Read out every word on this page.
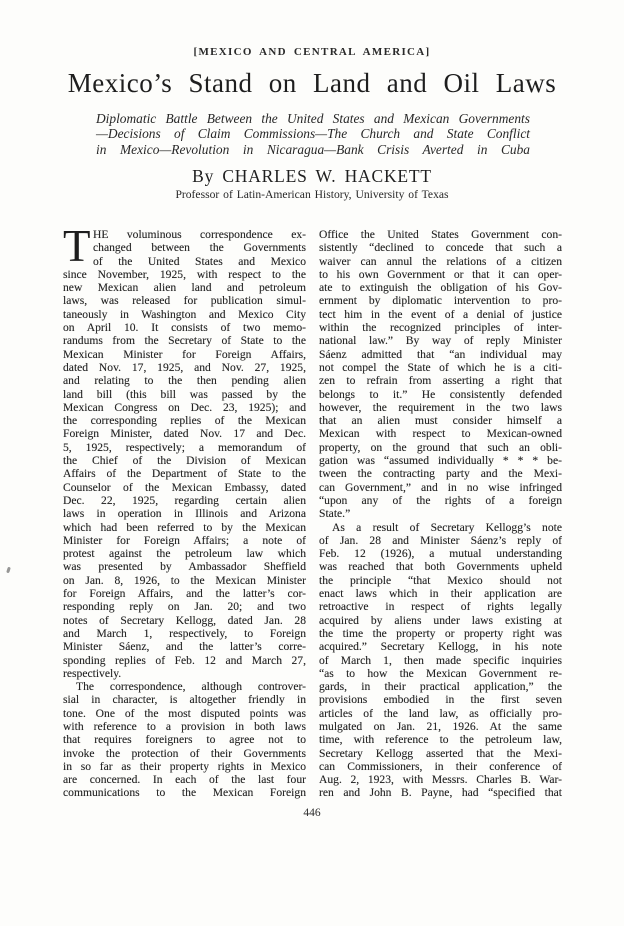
[MEXICO AND CENTRAL AMERICA]
Mexico’s Stand on Land and Oil Laws
Diplomatic Battle Between the United States and Mexican Governments
—Decisions of Claim Commissions—The Church and State Conflict
in Mexico—Revolution in Nicaragua—Bank Crisis Averted in Cuba
By CHARLES W. HACKETT
Professor of Latin-American History, University of Texas
T HE voluminous correspondence ex-
changed between the Governments
of the United States and Mexico
since November, 1925, with respect to the
new Mexican alien land and petroleum
laws, was released for publication simul-
taneously in Washington and Mexico City
on April 10. It consists of two memo-
randums from the Secretary of State to the
Mexican Minister for Foreign Affairs,
dated Nov. 17, 1925, and Nov. 27, 1925,
and relating to the then pending alien
land bill (this bill was passed by the
Mexican Congress on Dec. 23, 1925); and
the corresponding replies of the Mexican
Foreign Minister, dated Nov. 17 and Dec.
5, 1925, respectively; a memorandum of
the Chief of the Division of Mexican
Affairs of the Department of State to the
Counselor of the Mexican Embassy, dated
Dec. 22, 1925, regarding certain alien
laws in operation in Illinois and Arizona
which had been referred to by the Mexican
Minister for Foreign Affairs; a note of
protest against the petroleum law which
was presented by Ambassador Sheffield
on Jan. 8, 1926, to the Mexican Minister
for Foreign Affairs, and the latter’s cor-
responding reply on Jan. 20; and two
notes of Secretary Kellogg, dated Jan. 28
and March 1, respectively, to Foreign
Minister Sáenz, and the latter’s corre-
sponding replies of Feb. 12 and March 27,
respectively.
The correspondence, although controver-
sial in character, is altogether friendly in
tone. One of the most disputed points was
with reference to a provision in both laws
that requires foreigners to agree not to
invoke the protection of their Governments
in so far as their property rights in Mexico
are concerned. In each of the last four
communications to the Mexican Foreign
Office the United States Government con-
sistently “declined to concede that such a
waiver can annul the relations of a citizen
to his own Government or that it can oper-
ate to extinguish the obligation of his Gov-
ernment by diplomatic intervention to pro-
tect him in the event of a denial of justice
within the recognized principles of inter-
national law.” By way of reply Minister
Sáenz admitted that “an individual may
not compel the State of which he is a citi-
zen to refrain from asserting a right that
belongs to it.” He consistently defended
however, the requirement in the two laws
that an alien must consider himself a
Mexican with respect to Mexican-owned
property, on the ground that such an obli-
gation was “assumed individually * * * be-
tween the contracting party and the Mexi-
can Government,” and in no wise infringed
“upon any of the rights of a foreign
State.”
As a result of Secretary Kellogg’s note
of Jan. 28 and Minister Sáenz’s reply of
Feb. 12 (1926), a mutual understanding
was reached that both Governments upheld
the principle “that Mexico should not
enact laws which in their application are
retroactive in respect of rights legally
acquired by aliens under laws existing at
the time the property or property right was
acquired.” Secretary Kellogg, in his note
of March 1, then made specific inquiries
“as to how the Mexican Government re-
gards, in their practical application,” the
provisions embodied in the first seven
articles of the land law, as officially pro-
mulgated on Jan. 21, 1926. At the same
time, with reference to the petroleum law,
Secretary Kellogg asserted that the Mexi-
can Commissioners, in their conference of
Aug. 2, 1923, with Messrs. Charles B. War-
ren and John B. Payne, had “specified that
446
